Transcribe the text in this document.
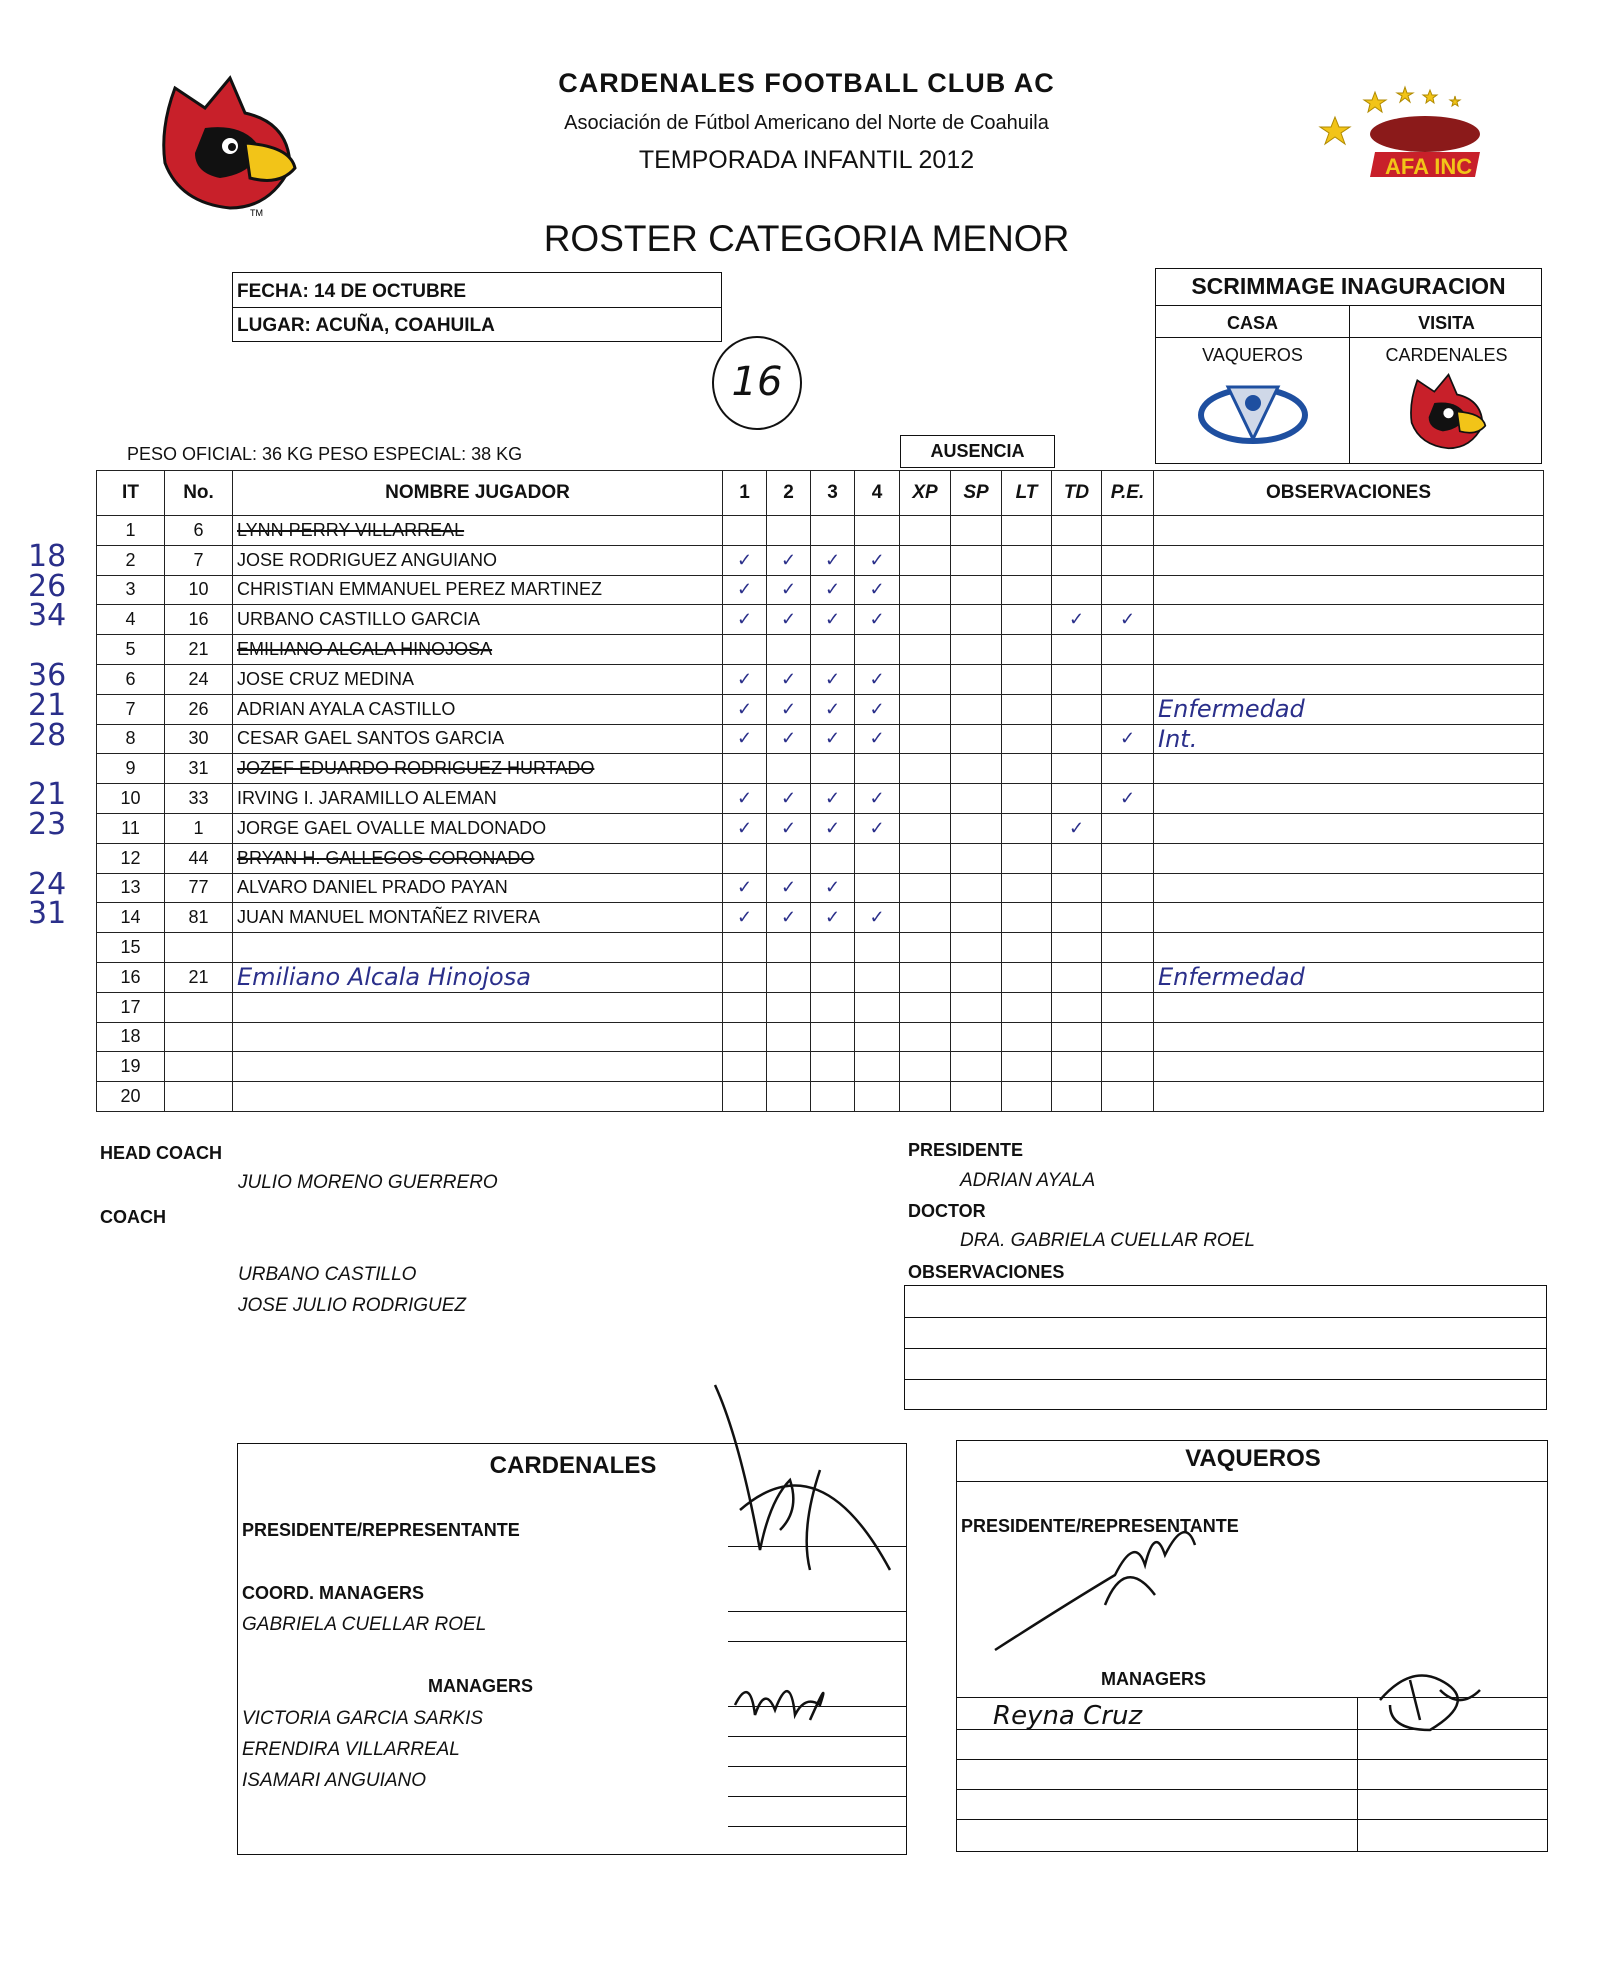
TM
AFA INC
CARDENALES FOOTBALL CLUB AC
Asociación de Fútbol Americano del Norte de Coahuila
TEMPORADA INFANTIL 2012
ROSTER CATEGORIA MENOR
FECHA: 14 DE OCTUBRE
LUGAR: ACUÑA, COAHUILA
16
SCRIMMAGE INAGURACION
CASA	VISITA
VAQUEROS	CARDENALES
PESO OFICIAL: 36 KG PESO ESPECIAL: 38 KG	AUSENCIA
IT	No.	NOMBRE JUGADOR	1	2	3	4	XP	SP	LT	TD	P.E.	OBSERVACIONES
1	6	LYNN PERRY VILLARREAL										
2	7	JOSE RODRIGUEZ ANGUIANO	✓	✓	✓	✓						
3	10	CHRISTIAN EMMANUEL PEREZ MARTINEZ	✓	✓	✓	✓						
4	16	URBANO CASTILLO GARCIA	✓	✓	✓	✓				✓	✓	
5	21	EMILIANO ALCALA HINOJOSA										
6	24	JOSE CRUZ MEDINA	✓	✓	✓	✓						
7	26	ADRIAN AYALA CASTILLO	✓	✓	✓	✓						Enfermedad
8	30	CESAR GAEL SANTOS GARCIA	✓	✓	✓	✓					✓	Int.
9	31	JOZEF EDUARDO RODRIGUEZ HURTADO										
10	33	IRVING I. JARAMILLO ALEMAN	✓	✓	✓	✓					✓	
11	1	JORGE GAEL OVALLE MALDONADO	✓	✓	✓	✓				✓		
12	44	BRYAN H. GALLEGOS CORONADO										
13	77	ALVARO DANIEL PRADO PAYAN	✓	✓	✓							
14	81	JUAN MANUEL MONTAÑEZ RIVERA	✓	✓	✓	✓						
15												
16	21	Emiliano Alcala Hinojosa										Enfermedad
17												
18												
19												
20												
18
26
34
36
21
28
21
23
24
31
HEAD COACH
JULIO MORENO GUERRERO
COACH
URBANO CASTILLO
JOSE JULIO RODRIGUEZ
PRESIDENTE
ADRIAN AYALA
DOCTOR
DRA. GABRIELA CUELLAR ROEL
OBSERVACIONES
CARDENALES
PRESIDENTE/REPRESENTANTE
COORD. MANAGERS
GABRIELA CUELLAR ROEL
MANAGERS
VICTORIA GARCIA SARKIS
ERENDIRA VILLARREAL
ISAMARI ANGUIANO
VAQUEROS
PRESIDENTE/REPRESENTANTE
MANAGERS
Reyna Cruz
